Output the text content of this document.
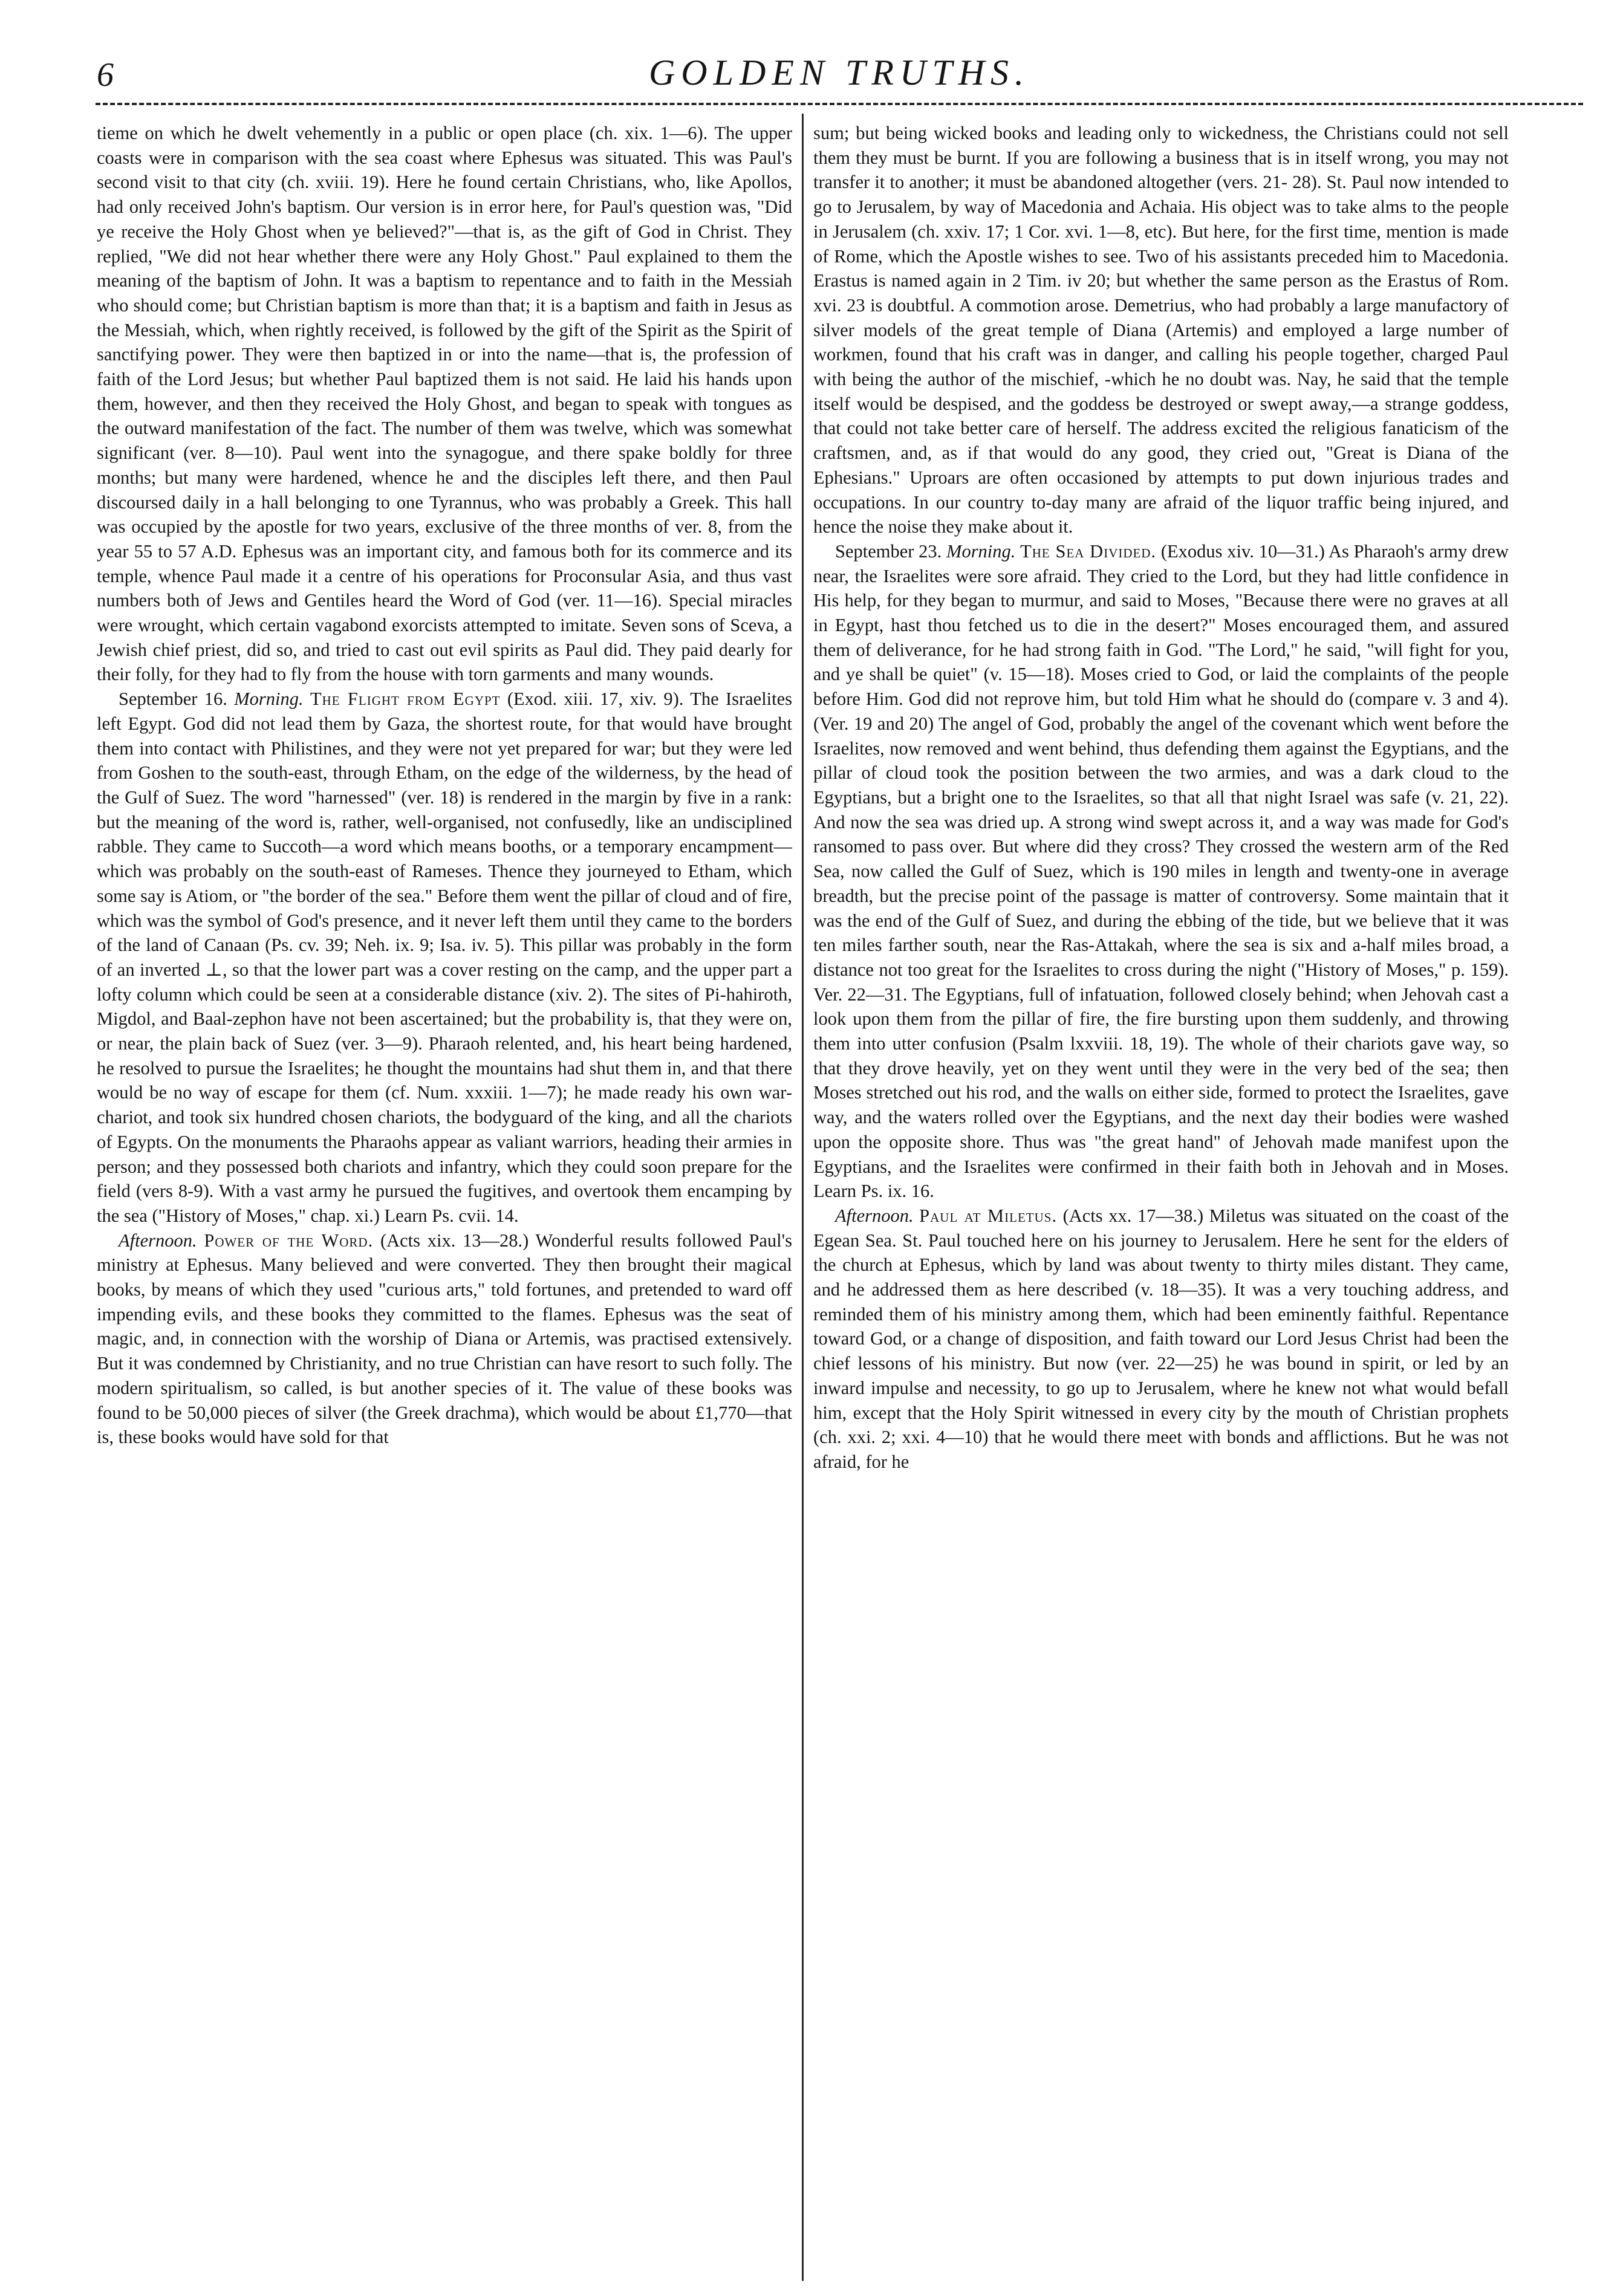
6	GOLDEN TRUTHS.

tieme on which he dwelt vehemently in a public or open place (ch. xix. 1—6). The upper coasts were in comparison with the sea coast where Ephesus was situated. This was Paul's second visit to that city (ch. xviii. 19). Here he found certain Christians, who, like Apollos, had only received John's baptism. Our version is in error here, for Paul's question was, "Did ye receive the Holy Ghost when ye believed?"—that is, as the gift of God in Christ. They replied, "We did not hear whether there were any Holy Ghost." Paul explained to them the meaning of the baptism of John. It was a baptism to repentance and to faith in the Messiah who should come; but Christian baptism is more than that; it is a baptism and faith in Jesus as the Messiah, which, when rightly received, is followed by the gift of the Spirit as the Spirit of sanctifying power. They were then baptized in or into the name—that is, the profession of faith of the Lord Jesus; but whether Paul baptized them is not said. He laid his hands upon them, however, and then they received the Holy Ghost, and began to speak with tongues as the outward manifestation of the fact. The number of them was twelve, which was somewhat significant (ver. 8—10). Paul went into the synagogue, and there spake boldly for three months; but many were hardened, whence he and the disciples left there, and then Paul discoursed daily in a hall belonging to one Tyrannus, who was probably a Greek. This hall was occupied by the apostle for two years, exclusive of the three months of ver. 8, from the year 55 to 57 A.D. Ephesus was an important city, and famous both for its commerce and its temple, whence Paul made it a centre of his operations for Proconsular Asia, and thus vast numbers both of Jews and Gentiles heard the Word of God (ver. 11—16). Special miracles were wrought, which certain vagabond exorcists attempted to imitate. Seven sons of Sceva, a Jewish chief priest, did so, and tried to cast out evil spirits as Paul did. They paid dearly for their folly, for they had to fly from the house with torn garments and many wounds.

September 16. Morning. The Flight from Egypt (Exod. xiii. 17, xiv. 9). The Israelites left Egypt. God did not lead them by Gaza, the shortest route, for that would have brought them into contact with Philistines, and they were not yet prepared for war; but they were led from Goshen to the south-east, through Etham, on the edge of the wilderness, by the head of the Gulf of Suez. The word "harnessed" (ver. 18) is rendered in the margin by five in a rank: but the meaning of the word is, rather, well-organised, not confusedly, like an undisciplined rabble. They came to Succoth—a word which means booths, or a temporary encampment—which was probably on the south-east of Rameses. Thence they journeyed to Etham, which some say is Atiom, or "the border of the sea." Before them went the pillar of cloud and of fire, which was the symbol of God's presence, and it never left them until they came to the borders of the land of Canaan (Ps. cv. 39; Neh. ix. 9; Isa. iv. 5). This pillar was probably in the form of an inverted ⊥, so that the lower part was a cover resting on the camp, and the upper part a lofty column which could be seen at a considerable distance (xiv. 2). The sites of Pi-hahiroth, Migdol, and Baal-zephon have not been ascertained; but the probability is, that they were on, or near, the plain back of Suez (ver. 3—9). Pharaoh relented, and, his heart being hardened, he resolved to pursue the Israelites; he thought the mountains had shut them in, and that there would be no way of escape for them (cf. Num. xxxiii. 1—7); he made ready his own war-chariot, and took six hundred chosen chariots, the bodyguard of the king, and all the chariots of Egypts. On the monuments the Pharaohs appear as valiant warriors, heading their armies in person; and they possessed both chariots and infantry, which they could soon prepare for the field (vers 8-9). With a vast army he pursued the fugitives, and overtook them encamping by the sea ("History of Moses," chap. xi.) Learn Ps. cvii. 14.

Afternoon. Power of the Word. (Acts xix. 13—28.) Wonderful results followed Paul's ministry at Ephesus. Many believed and were converted. They then brought their magical books, by means of which they used "curious arts," told fortunes, and pretended to ward off impending evils, and these books they committed to the flames. Ephesus was the seat of magic, and, in connection with the worship of Diana or Artemis, was practised extensively. But it was condemned by Christianity, and no true Christian can have resort to such folly. The modern spiritualism, so called, is but another species of it. The value of these books was found to be 50,000 pieces of silver (the Greek drachma), which would be about £1,770—that is, these books would have sold for that

sum; but being wicked books and leading only to wickedness, the Christians could not sell them they must be burnt. If you are following a business that is in itself wrong, you may not transfer it to another; it must be abandoned altogether (vers. 21- 28). St. Paul now intended to go to Jerusalem, by way of Macedonia and Achaia. His object was to take alms to the people in Jerusalem (ch. xxiv. 17; 1 Cor. xvi. 1—8, etc). But here, for the first time, mention is made of Rome, which the Apostle wishes to see. Two of his assistants preceded him to Macedonia. Erastus is named again in 2 Tim. iv 20; but whether the same person as the Erastus of Rom. xvi. 23 is doubtful. A commotion arose. Demetrius, who had probably a large manufactory of silver models of the great temple of Diana (Artemis) and employed a large number of workmen, found that his craft was in danger, and calling his people together, charged Paul with being the author of the mischief, -which he no doubt was. Nay, he said that the temple itself would be despised, and the goddess be destroyed or swept away,—a strange goddess, that could not take better care of herself. The address excited the religious fanaticism of the craftsmen, and, as if that would do any good, they cried out, "Great is Diana of the Ephesians." Uproars are often occasioned by attempts to put down injurious trades and occupations. In our country to-day many are afraid of the liquor traffic being injured, and hence the noise they make about it.

September 23. Morning. The Sea Divided. (Exodus xiv. 10—31.) As Pharaoh's army drew near, the Israelites were sore afraid. They cried to the Lord, but they had little confidence in His help, for they began to murmur, and said to Moses, "Because there were no graves at all in Egypt, hast thou fetched us to die in the desert?" Moses encouraged them, and assured them of deliverance, for he had strong faith in God. "The Lord," he said, "will fight for you, and ye shall be quiet" (v. 15—18). Moses cried to God, or laid the complaints of the people before Him. God did not reprove him, but told Him what he should do (compare v. 3 and 4). (Ver. 19 and 20) The angel of God, probably the angel of the covenant which went before the Israelites, now removed and went behind, thus defending them against the Egyptians, and the pillar of cloud took the position between the two armies, and was a dark cloud to the Egyptians, but a bright one to the Israelites, so that all that night Israel was safe (v. 21, 22). And now the sea was dried up. A strong wind swept across it, and a way was made for God's ransomed to pass over. But where did they cross? They crossed the western arm of the Red Sea, now called the Gulf of Suez, which is 190 miles in length and twenty-one in average breadth, but the precise point of the passage is matter of controversy. Some maintain that it was the end of the Gulf of Suez, and during the ebbing of the tide, but we believe that it was ten miles farther south, near the Ras-Attakah, where the sea is six and a-half miles broad, a distance not too great for the Israelites to cross during the night ("History of Moses," p. 159). Ver. 22—31. The Egyptians, full of infatuation, followed closely behind; when Jehovah cast a look upon them from the pillar of fire, the fire bursting upon them suddenly, and throwing them into utter confusion (Psalm lxxviii. 18, 19). The whole of their chariots gave way, so that they drove heavily, yet on they went until they were in the very bed of the sea; then Moses stretched out his rod, and the walls on either side, formed to protect the Israelites, gave way, and the waters rolled over the Egyptians, and the next day their bodies were washed upon the opposite shore. Thus was "the great hand" of Jehovah made manifest upon the Egyptians, and the Israelites were confirmed in their faith both in Jehovah and in Moses. Learn Ps. ix. 16.

Afternoon. Paul at Miletus. (Acts xx. 17—38.) Miletus was situated on the coast of the Egean Sea. St. Paul touched here on his journey to Jerusalem. Here he sent for the elders of the church at Ephesus, which by land was about twenty to thirty miles distant. They came, and he addressed them as here described (v. 18—35). It was a very touching address, and reminded them of his ministry among them, which had been eminently faithful. Repentance toward God, or a change of disposition, and faith toward our Lord Jesus Christ had been the chief lessons of his ministry. But now (ver. 22—25) he was bound in spirit, or led by an inward impulse and necessity, to go up to Jerusalem, where he knew not what would befall him, except that the Holy Spirit witnessed in every city by the mouth of Christian prophets (ch. xxi. 2; xxi. 4—10) that he would there meet with bonds and afflictions. But he was not afraid, for he
